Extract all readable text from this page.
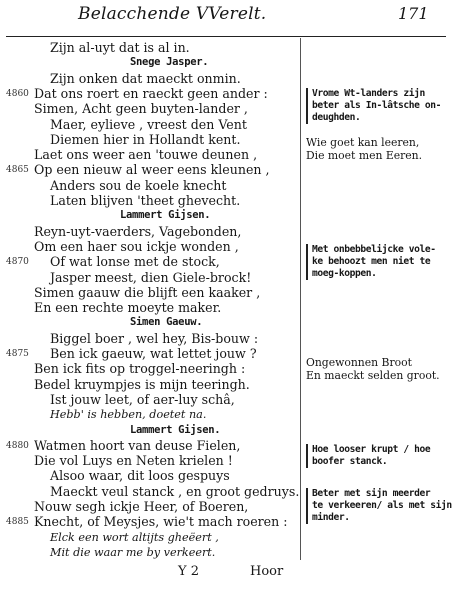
Belacchende VVerelt.	171
Zijn al-uyt dat is al in.
Snege Jasper.
Zijn onken dat maeckt onmin.
Dat ons roert en raeckt geen ander :
4860
Simen, Acht geen buyten-lander ,
Maer, eylieve , vreest den Vent
Diemen hier in Hollandt kent.
Laet ons weer aen 'touwe deunen ,
Op een nieuw al weer eens kleunen ,
4865
Anders sou de koele knecht
Laten blijven 'theet ghevecht.
Lammert Gijsen.
Reyn-uyt-vaerders, Vagebonden,
Om een haer sou ickje wonden ,
Of wat lonse met de stock,
4870
Jasper meest, dien Giele-brock!
Simen gaauw die blijft een kaaker ,
En een rechte moeyte maker.
Simen Gaeuw.
Biggel boer , wel hey, Bis-bouw :
Ben ick gaeuw, wat lettet jouw ?
4875
Ben ick fits op troggel-neeringh :
Bedel kruympjes is mijn teeringh.
Ist jouw leet, of aer-luy schâ,
Hebb' is hebben, doetet na.
Lammert Gijsen.
Watmen hoort van deuse Fielen,
4880
Die vol Luys en Neten krielen !
Alsoo waar, dit loos gespuys
Maeckt veul stanck , en groot gedruys.
Nouw segh ickje Heer, of Boeren,
Knecht, of Meysjes, wie't mach roeren :
4885
Elck een wort altijts gheëert ,
Mit die waar me by verkeert.
Vrome Wt-landers zijn
beter als In-lâtsche on-
deughden.
Wie goet kan leeren,
Die moet men Eeren.
Met onbebbelijcke vole-
ke behoozt men niet te
moeg-koppen.
Ongewonnen Broot
En maeckt selden groot.
Hoe looser krupt / hoe
boofer stanck.
Beter met sijn meerder
te verkeeren/ als met sijn
minder.
Y 2	Hoor
